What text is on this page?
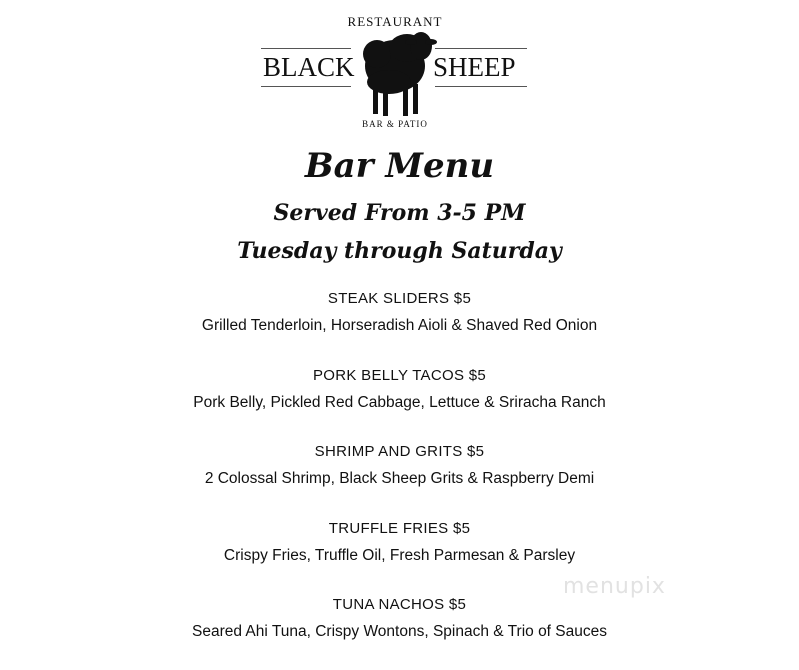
RESTAURANT
BLACK	SHEEP
BAR & PATIO
Bar Menu
Served From 3-5 PM
Tuesday through Saturday
STEAK SLIDERS $5
Grilled Tenderloin, Horseradish Aioli & Shaved Red Onion
PORK BELLY TACOS $5
Pork Belly, Pickled Red Cabbage, Lettuce & Sriracha Ranch
SHRIMP AND GRITS $5
2 Colossal Shrimp, Black Sheep Grits & Raspberry Demi
TRUFFLE FRIES $5
Crispy Fries, Truffle Oil, Fresh Parmesan & Parsley
TUNA NACHOS $5
Seared Ahi Tuna, Crispy Wontons, Spinach & Trio of Sauces
menupix
